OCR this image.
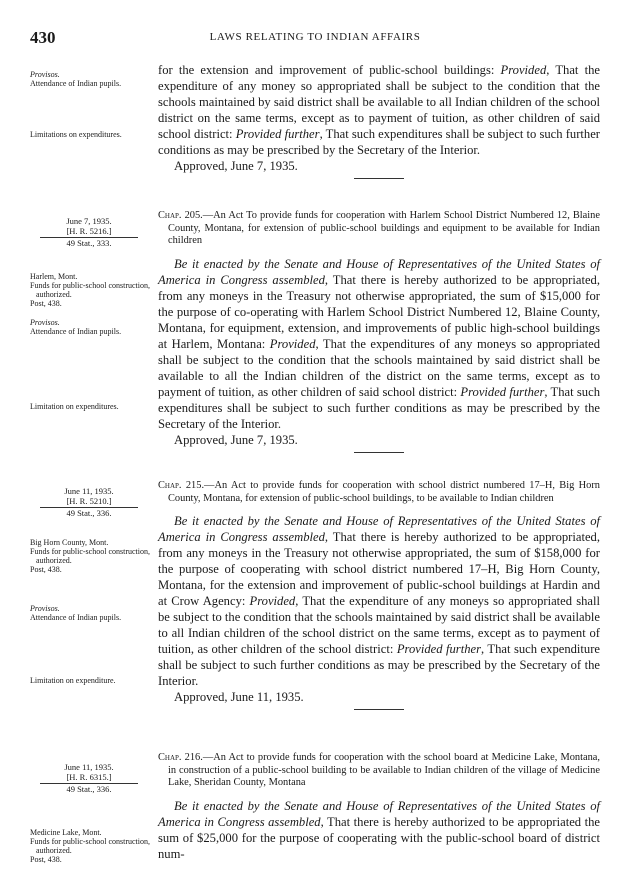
430	LAWS RELATING TO INDIAN AFFAIRS

Provisos.

Attendance of Indian pupils.

Limitations on expenditures.

for the extension and improvement of public-school buildings: Provided, That the expenditure of any money so appropriated shall be subject to the condition that the schools maintained by said district shall be available to all Indian children of the school district on the same terms, except as to payment of tuition, as other children of said school district: Provided further, That such expenditures shall be subject to such further conditions as may be prescribed by the Secretary of the Interior.

Approved, June 7, 1935.

June 7, 1935.
[H. R. 5216.]
49 Stat., 333.

Harlem, Mont.

Funds for public-school construction, authorized.

Post, 438.

Provisos.

Attendance of Indian pupils.

Limitation on expenditures.

Chap. 205.—An Act To provide funds for cooperation with Harlem School District Numbered 12, Blaine County, Montana, for extension of public-school buildings and equipment to be available for Indian children

Be it enacted by the Senate and House of Representatives of the United States of America in Congress assembled, That there is hereby authorized to be appropriated, from any moneys in the Treasury not otherwise appropriated, the sum of $15,000 for the purpose of co-operating with Harlem School District Numbered 12, Blaine County, Montana, for equipment, extension, and improvements of public high-school buildings at Harlem, Montana: Provided, That the expenditures of any moneys so appropriated shall be subject to the condition that the schools maintained by said district shall be available to all the Indian children of the district on the same terms, except as to payment of tuition, as other children of said school district: Provided further, That such expenditures shall be subject to such further conditions as may be prescribed by the Secretary of the Interior.

Approved, June 7, 1935.

June 11, 1935.
[H. R. 5210.]
49 Stat., 336.

Big Horn County, Mont.

Funds for public-school construction, authorized.

Post, 438.

Provisos.

Attendance of Indian pupils.

Limitation on expenditure.

Chap. 215.—An Act to provide funds for cooperation with school district numbered 17–H, Big Horn County, Montana, for extension of public-school buildings, to be available to Indian children

Be it enacted by the Senate and House of Representatives of the United States of America in Congress assembled, That there is hereby authorized to be appropriated, from any moneys in the Treasury not otherwise appropriated, the sum of $158,000 for the purpose of cooperating with school district numbered 17–H, Big Horn County, Montana, for the extension and improvement of public-school buildings at Hardin and at Crow Agency: Provided, That the expenditure of any moneys so appropriated shall be subject to the condition that the schools maintained by said district shall be available to all Indian children of the school district on the same terms, except as to payment of tuition, as other children of the school district: Provided further, That such expenditure shall be subject to such further conditions as may be prescribed by the Secretary of the Interior.

Approved, June 11, 1935.

June 11, 1935.
[H. R. 6315.]
49 Stat., 336.

Medicine Lake, Mont.

Funds for public-school construction, authorized.

Post, 438.

Chap. 216.—An Act to provide funds for cooperation with the school board at Medicine Lake, Montana, in construction of a public-school building to be available to Indian children of the village of Medicine Lake, Sheridan County, Montana

Be it enacted by the Senate and House of Representatives of the United States of America in Congress assembled, That there is hereby authorized to be appropriated the sum of $25,000 for the purpose of cooperating with the public-school board of district num-
